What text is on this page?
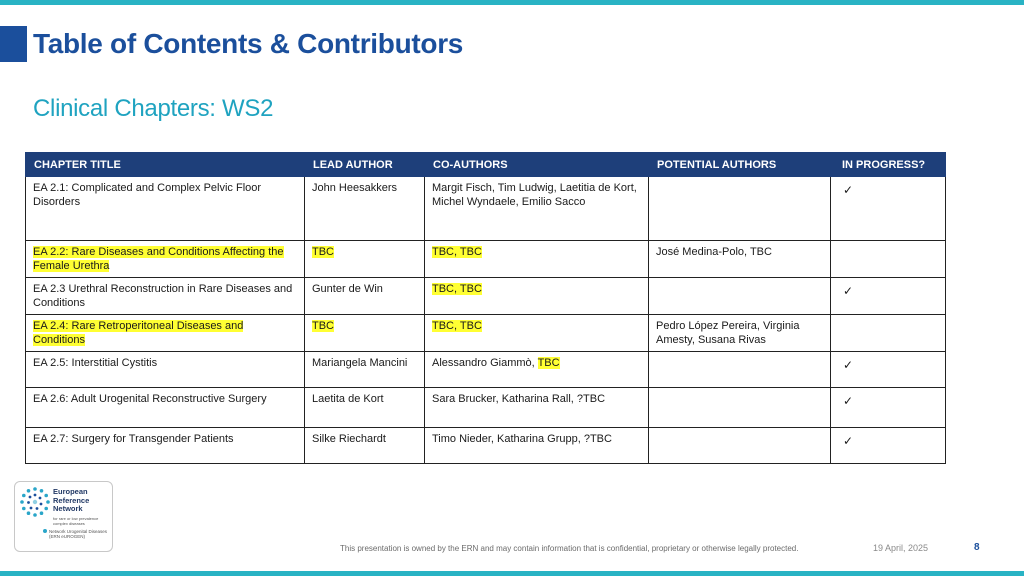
Table of Contents & Contributors
Clinical Chapters: WS2
CHAPTER TITLE	LEAD AUTHOR	CO-AUTHORS	POTENTIAL AUTHORS	IN PROGRESS?
EA 2.1: Complicated and Complex Pelvic Floor Disorders	John Heesakkers	Margit Fisch, Tim Ludwig, Laetitia de Kort, Michel Wyndaele, Emilio Sacco		✓
EA 2.2: Rare Diseases and Conditions Affecting the Female Urethra	TBC	TBC, TBC	José Medina-Polo, TBC	
EA 2.3 Urethral Reconstruction in Rare Diseases and Conditions	Gunter de Win	TBC, TBC		✓
EA 2.4: Rare Retroperitoneal Diseases and Conditions	TBC	TBC, TBC	Pedro López Pereira, Virginia Amesty, Susana Rivas	
EA 2.5: Interstitial Cystitis	Mariangela Mancini	Alessandro Giammò, TBC		✓
EA 2.6: Adult Urogenital Reconstructive Surgery	Laetita de Kort	Sara Brucker, Katharina Rall, ?TBC		✓
EA 2.7: Surgery for Transgender Patients	Silke Riechardt	Timo Nieder, Katharina Grupp, ?TBC		✓
European
Reference
Network
for rare or low prevalence complex diseases
Network Urogenital Diseases (ERN eUROGEN)
This presentation is owned by the ERN and may contain information that is confidential, proprietary or otherwise legally protected.	19 April, 2025	8
